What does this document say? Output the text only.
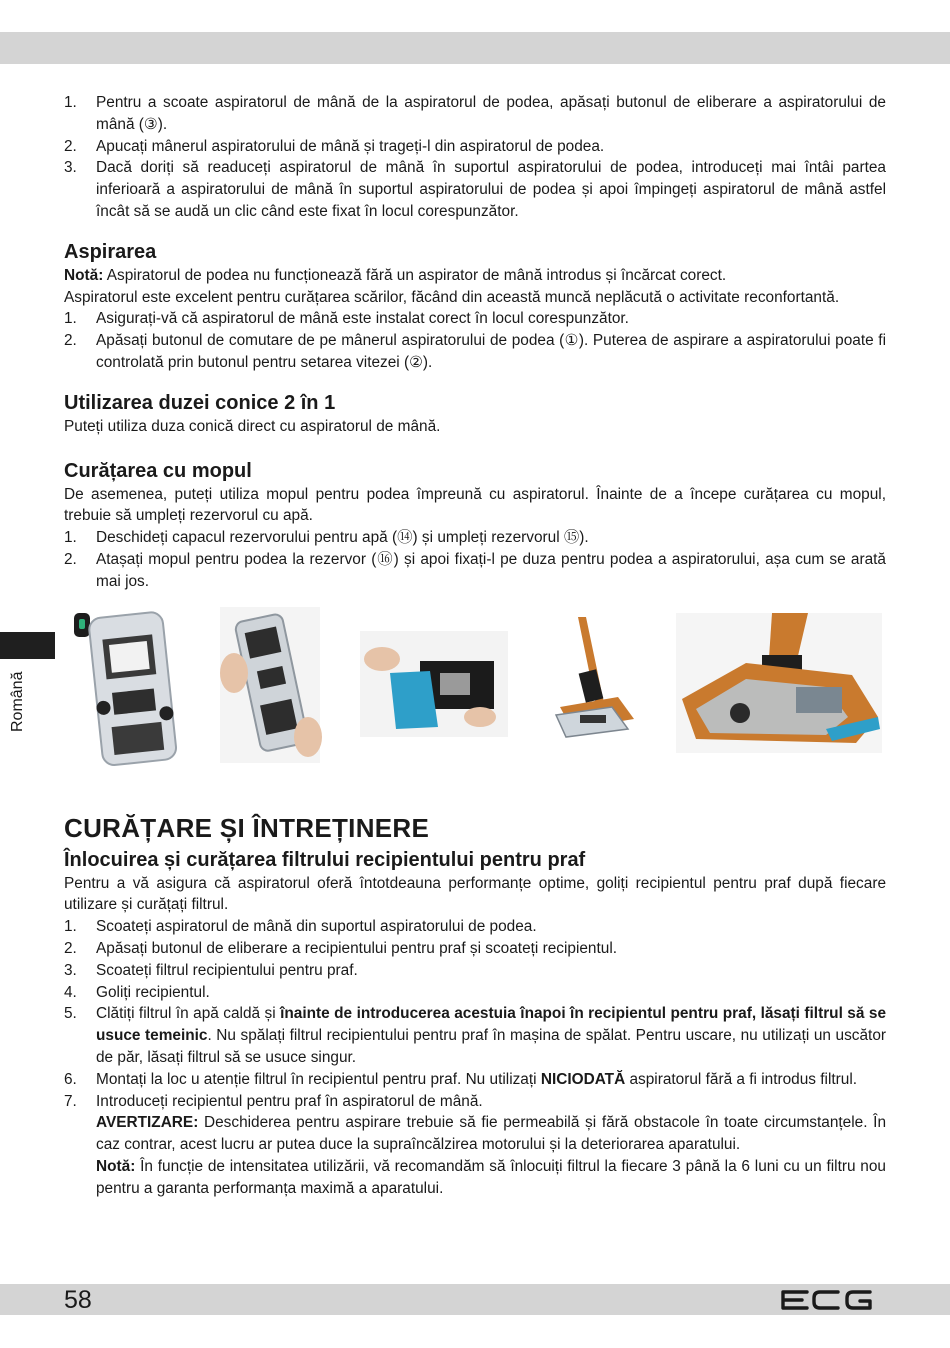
Română
1. Pentru a scoate aspiratorul de mână de la aspiratorul de podea, apăsați butonul de eliberare a aspiratorului de mână (③).
2. Apucați mânerul aspiratorului de mână și trageți-l din aspiratorul de podea.
3. Dacă doriți să readuceți aspiratorul de mână în suportul aspiratorului de podea, introduceți mai întâi partea inferioară a aspiratorului de mână în suportul aspiratorului de podea și apoi împingeți aspiratorul de mână astfel încât să se audă un clic când este fixat în locul corespunzător.
Aspirarea

Notă: Aspiratorul de podea nu funcționează fără un aspirator de mână introdus și încărcat corect.

Aspiratorul este excelent pentru curățarea scărilor, făcând din această muncă neplăcută o activitate reconfortantă.

1. Asigurați-vă că aspiratorul de mână este instalat corect în locul corespunzător.
2. Apăsați butonul de comutare de pe mânerul aspiratorului de podea (①). Puterea de aspirare a aspiratorului poate fi controlată prin butonul pentru setarea vitezei (②).
Utilizarea duzei conice 2 în 1

Puteți utiliza duza conică direct cu aspiratorul de mână.

Curățarea cu mopul

De asemenea, puteți utiliza mopul pentru podea împreună cu aspiratorul. Înainte de a începe curățarea cu mopul, trebuie să umpleți rezervorul cu apă.

1. Deschideți capacul rezervorului pentru apă (⑭) și umpleți rezervorul ⑮).
2. Atașați mopul pentru podea la rezervor (⑯) și apoi fixați-l pe duza pentru podea a aspiratorului, așa cum se arată mai jos.
CURĂȚARE ȘI ÎNTREȚINERE
Înlocuirea și curățarea filtrului recipientului pentru praf

Pentru a vă asigura că aspiratorul oferă întotdeauna performanțe optime, goliți recipientul pentru praf după fiecare utilizare și curățați filtrul.

1. Scoateți aspiratorul de mână din suportul aspiratorului de podea.
2. Apăsați butonul de eliberare a recipientului pentru praf și scoateți recipientul.
3. Scoateți filtrul recipientului pentru praf.
4. Goliți recipientul.
5. Clătiți filtrul în apă caldă și înainte de introducerea acestuia înapoi în recipientul pentru praf, lăsați filtrul să se usuce temeinic. Nu spălați filtrul recipientului pentru praf în mașina de spălat. Pentru uscare, nu utilizați un uscător de păr, lăsați filtrul să se usuce singur.
6. Montați la loc u atenție filtrul în recipientul pentru praf. Nu utilizați NICIODATĂ aspiratorul fără a fi introdus filtrul.
7. Introduceți recipientul pentru praf în aspiratorul de mână.
AVERTIZARE: Deschiderea pentru aspirare trebuie să fie permeabilă și fără obstacole în toate circumstanțele. În caz contrar, acest lucru ar putea duce la supraîncălzirea motorului și la deteriorarea aparatului.
Notă: În funcție de intensitatea utilizării, vă recomandăm să înlocuiți filtrul la fiecare 3 până la 6 luni cu un filtru nou pentru a garanta performanța maximă a aparatului.
58
